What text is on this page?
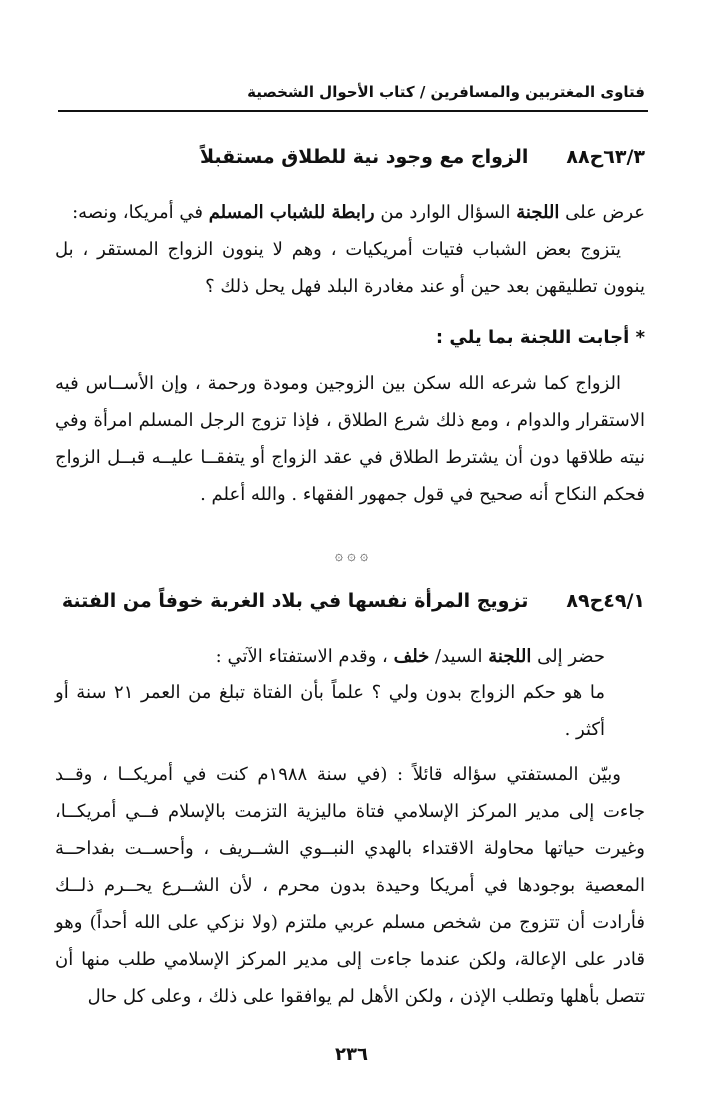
فتاوى المغتربين والمسافرين / كتاب الأحوال الشخصية
٦٣/٣ح٨٨الزواج مع وجود نية للطلاق مستقبلاً
عرض على اللجنة السؤال الوارد من رابطة للشباب المسلم في أمريكا، ونصه:
يتزوج بعض الشباب فتيات أمريكيات ، وهم لا ينوون الزواج المستقر ، بل ينوون تطليقهن بعد حين أو عند مغادرة البلد فهل يحل ذلك ؟
* أجابت اللجنة بما يلي :
الزواج كما شرعه الله سكن بين الزوجين ومودة ورحمة ، وإن الأســاس فيه الاستقرار والدوام ، ومع ذلك شرع الطلاق ، فإذا تزوج الرجل المسلم امرأة وفي نيته طلاقها دون أن يشترط الطلاق في عقد الزواج أو يتفقــا عليــه قبــل الزواج فحكم النكاح أنه صحيح في قول جمهور الفقهاء . والله أعلم .
۞ ۞ ۞
٤٩/١ح٨٩تزويج المرأة نفسها في بلاد الغربة خوفاً من الفتنة
حضر إلى اللجنة السيد/ خلف ، وقدم الاستفتاء الآتي :
ما هو حكم الزواج بدون ولي ؟ علماً بأن الفتاة تبلغ من العمر ٢١ سنة أو أكثر .
وبيّن المستفتي سؤاله قائلاً : (في سنة ١٩٨٨م كنت في أمريكــا ، وقــد جاءت إلى مدير المركز الإسلامي فتاة ماليزية التزمت بالإسلام فــي أمريكــا، وغيرت حياتها محاولة الاقتداء بالهدي النبــوي الشــريف ، وأحســت بفداحــة المعصية بوجودها في أمريكا وحيدة بدون محرم ، لأن الشــرع يحــرم ذلــك فأرادت أن تتزوج من شخص مسلم عربي ملتزم (ولا نزكي على الله أحداً) وهو قادر على الإعالة، ولكن عندما جاءت إلى مدير المركز الإسلامي طلب منها أن تتصل بأهلها وتطلب الإذن ، ولكن الأهل لم يوافقوا على ذلك ، وعلى كل حال
٢٣٦
